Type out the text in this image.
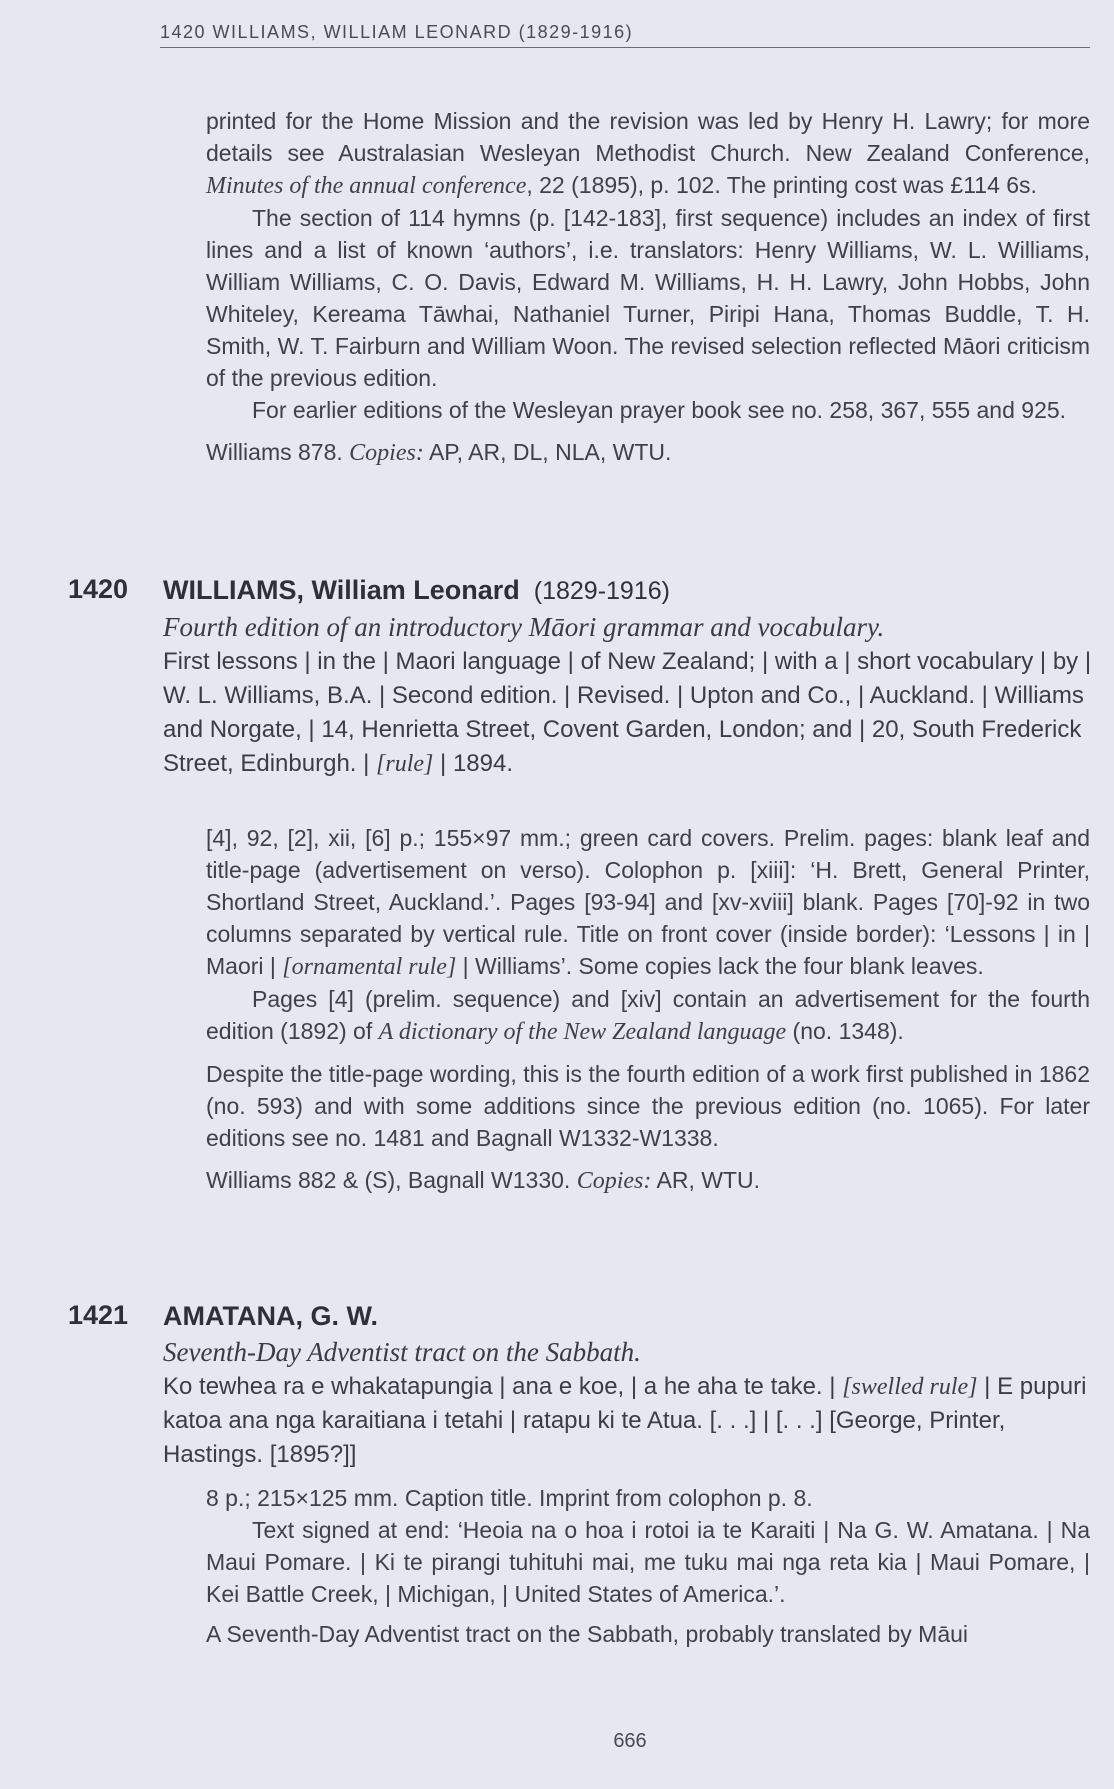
1420 WILLIAMS, WILLIAM LEONARD (1829-1916)

printed for the Home Mission and the revision was led by Henry H. Lawry; for more details see Australasian Wesleyan Methodist Church. New Zealand Conference, Minutes of the annual conference, 22 (1895), p. 102. The printing cost was £114 6s.

The section of 114 hymns (p. [142-183], first sequence) includes an index of first lines and a list of known ‘authors’, i.e. translators: Henry Williams, W. L. Williams, William Williams, C. O. Davis, Edward M. Williams, H. H. Lawry, John Hobbs, John Whiteley, Kereama Tāwhai, Nathaniel Turner, Piripi Hana, Thomas Buddle, T. H. Smith, W. T. Fairburn and William Woon. The revised selection reflected Māori criticism of the previous edition.

For earlier editions of the Wesleyan prayer book see no. 258, 367, 555 and 925.

Williams 878. Copies: AP, AR, DL, NLA, WTU.

1420 WILLIAMS, William Leonard (1829-1916)
Fourth edition of an introductory Māori grammar and vocabulary.

First lessons | in the | Maori language | of New Zealand; | with a | short vocabulary | by | W. L. Williams, B.A. | Second edition. | Revised. | Upton and Co., | Auckland. | Williams and Norgate, | 14, Henrietta Street, Covent Garden, London; and | 20, South Frederick Street, Edinburgh. | [rule] | 1894.

[4], 92, [2], xii, [6] p.; 155×97 mm.; green card covers. Prelim. pages: blank leaf and title-page (advertisement on verso). Colophon p. [xiii]: ‘H. Brett, General Printer, Shortland Street, Auckland.’. Pages [93-94] and [xv-xviii] blank. Pages [70]-92 in two columns separated by vertical rule. Title on front cover (inside border): ‘Lessons | in | Maori | [ornamental rule] | Williams’. Some copies lack the four blank leaves.

Pages [4] (prelim. sequence) and [xiv] contain an advertisement for the fourth edition (1892) of A dictionary of the New Zealand language (no. 1348).

Despite the title-page wording, this is the fourth edition of a work first published in 1862 (no. 593) and with some additions since the previous edition (no. 1065). For later editions see no. 1481 and Bagnall W1332-W1338.

Williams 882 & (S), Bagnall W1330. Copies: AR, WTU.

1421 AMATANA, G. W.
Seventh-Day Adventist tract on the Sabbath.

Ko tewhea ra e whakatapungia | ana e koe, | a he aha te take. | [swelled rule] | E pupuri katoa ana nga karaitiana i tetahi | ratapu ki te Atua. [. . .] | [. . .] [George, Printer, Hastings. [1895?]]

8 p.; 215×125 mm. Caption title. Imprint from colophon p. 8.

Text signed at end: ‘Heoia na o hoa i rotoi ia te Karaiti | Na G. W. Amatana. | Na Maui Pomare. | Ki te pirangi tuhituhi mai, me tuku mai nga reta kia | Maui Pomare, | Kei Battle Creek, | Michigan, | United States of America.’.

A Seventh-Day Adventist tract on the Sabbath, probably translated by Māui

666
